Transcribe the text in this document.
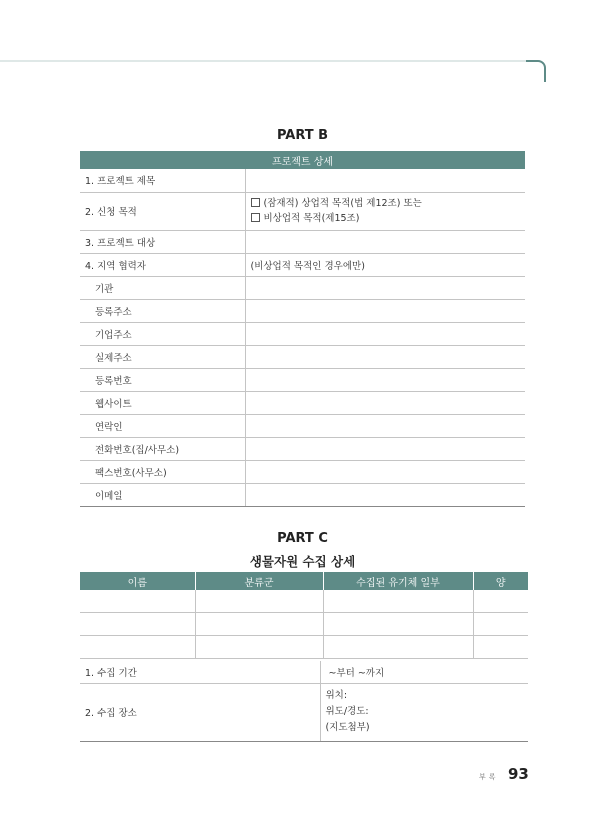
PART B
프로젝트 상세	
1. 프로젝트 제목	
2. 신청 목적	(잠재적) 상업적 목적(법 제12조) 또는
비상업적 목적(제15조)

3. 프로젝트 대상	
4. 지역 협력자	(비상업적 목적인 경우에만)
기관	
등록주소	
기업주소	
실제주소	
등록번호	
웹사이트	
연락인	
전화번호(집/사무소)	
팩스번호(사무소)	
이메일	
PART C
생물자원 수집 상세
이름	분류군	수집된 유기체 일부	양

1. 수집 기간	~부터 ~까지
2. 수집 장소	위치:
위도/경도:
(지도첨부)
부록 93
